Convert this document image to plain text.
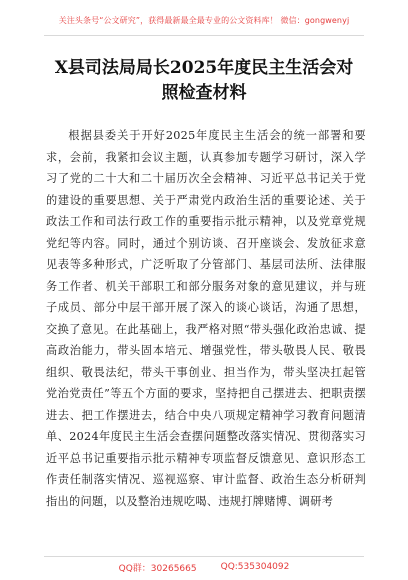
关注头条号“公文研究”，获得最新最全最专业的公文资料库！ 微信：gongwenyj
X县司法局局长2025年度民主生活会对
照检查材料
根据县委关于开好2025年度民主生活会的统一部署和要求，会前，我紧扣会议主题，认真参加专题学习研讨，深入学习了党的二十大和二十届历次全会精神、习近平总书记关于党的建设的重要思想、关于严肃党内政治生活的重要论述、关于政法工作和司法行政工作的重要指示批示精神，以及党章党规党纪等内容。同时，通过个别访谈、召开座谈会、发放征求意见表等多种形式，广泛听取了分管部门、基层司法所、法律服务工作者、机关干部职工和部分服务对象的意见建议，并与班子成员、部分中层干部开展了深入的谈心谈话，沟通了思想，交换了意见。在此基础上，我严格对照“带头强化政治忠诚、提高政治能力，带头固本培元、增强党性，带头敬畏人民、敬畏组织、敬畏法纪，带头干事创业、担当作为，带头坚决扛起管党治党责任”等五个方面的要求，坚持把自己摆进去、把职责摆进去、把工作摆进去，结合中央八项规定精神学习教育问题清单、2024年度民主生活会查摆问题整改落实情况、贯彻落实习近平总书记重要指示批示精神专项监督反馈意见、意识形态工作责任制落实情况、巡视巡察、审计监督、政治生态分析研判指出的问题，以及整治违规吃喝、违规打牌赌博、调研考
QQ群：30265665	QQ:535304092
